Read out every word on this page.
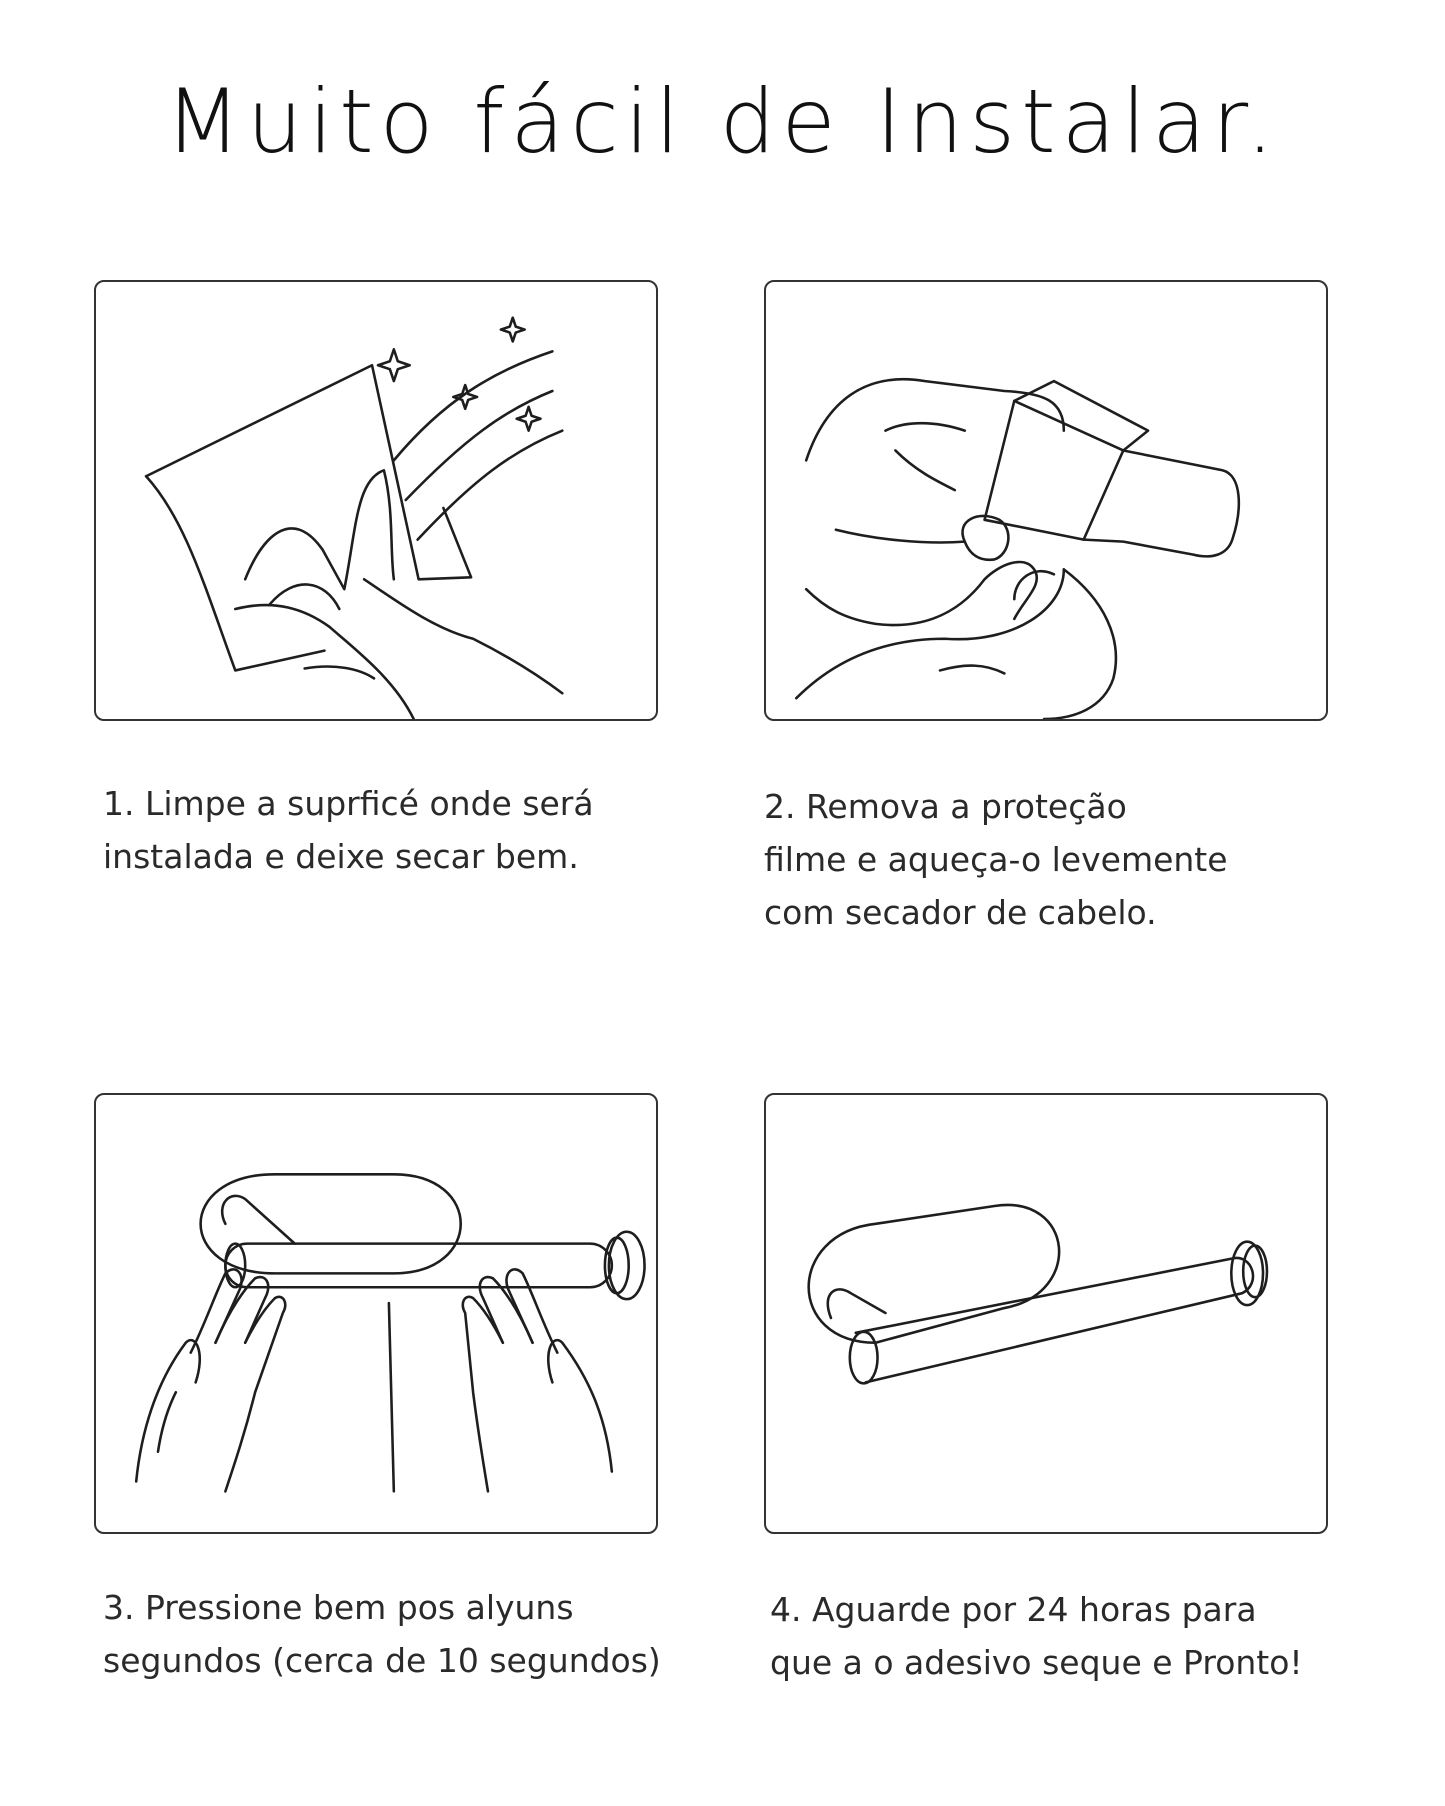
Muito fácil de Instalar.

1. Limpe a suprficé onde será
instalada e deixe secar bem.

2. Remova a proteção
filme e aqueça-o levemente
com secador de cabelo.

3. Pressione bem pos alyuns
segundos (cerca de 10 segundos)

4. Aguarde por 24 horas para
que a o adesivo seque e Pronto!
